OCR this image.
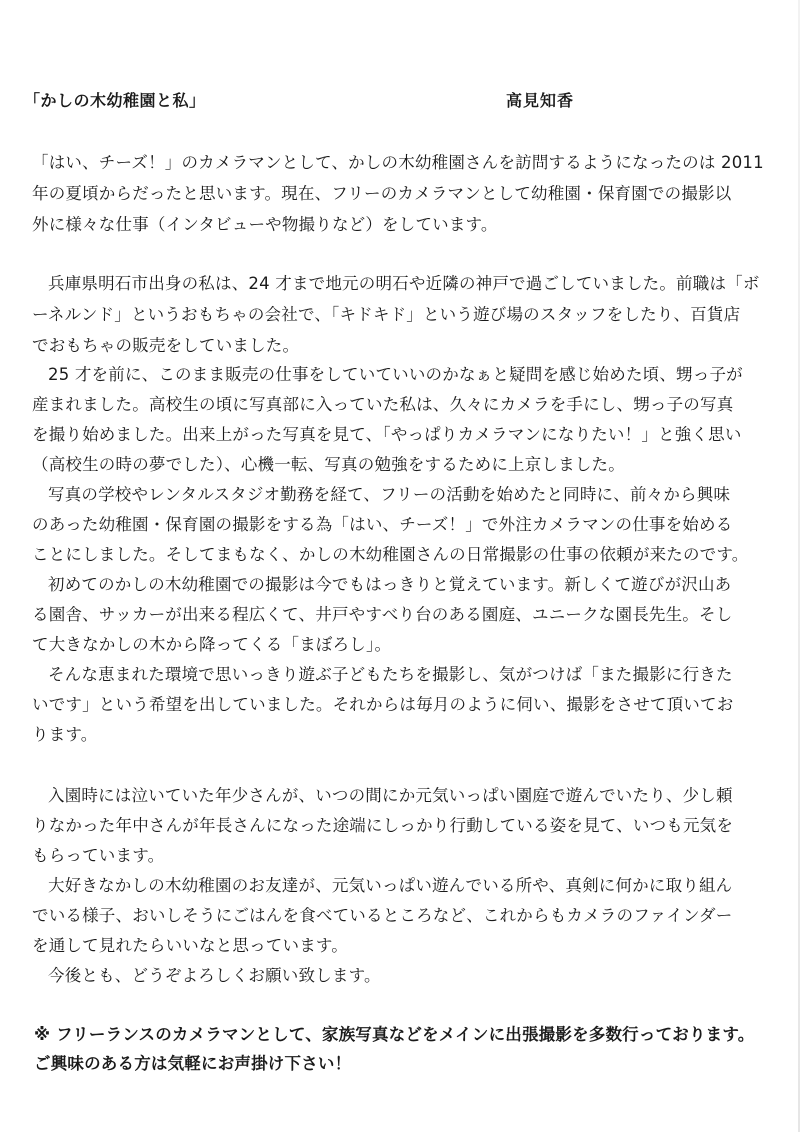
「かしの木幼稚園と私」	高見知香
「はい、チーズ！」のカメラマンとして、かしの木幼稚園さんを訪問するようになったのは 2011
年の夏頃からだったと思います。現在、フリーのカメラマンとして幼稚園・保育園での撮影以
外に様々な仕事（インタビューや物撮りなど）をしています。
兵庫県明石市出身の私は、24 才まで地元の明石や近隣の神戸で過ごしていました。前職は「ボ
ーネルンド」というおもちゃの会社で、「キドキド」という遊び場のスタッフをしたり、百貨店
でおもちゃの販売をしていました。
25 才を前に、このまま販売の仕事をしていていいのかなぁと疑問を感じ始めた頃、甥っ子が
産まれました。高校生の頃に写真部に入っていた私は、久々にカメラを手にし、甥っ子の写真
を撮り始めました。出来上がった写真を見て、「やっぱりカメラマンになりたい！」と強く思い
（高校生の時の夢でした）、心機一転、写真の勉強をするために上京しました。
写真の学校やレンタルスタジオ勤務を経て、フリーの活動を始めたと同時に、前々から興味
のあった幼稚園・保育園の撮影をする為「はい、チーズ！」で外注カメラマンの仕事を始める
ことにしました。そしてまもなく、かしの木幼稚園さんの日常撮影の仕事の依頼が来たのです。
初めてのかしの木幼稚園での撮影は今でもはっきりと覚えています。新しくて遊びが沢山あ
る園舎、サッカーが出来る程広くて、井戸やすべり台のある園庭、ユニークな園長先生。そし
て大きなかしの木から降ってくる「まぼろし」。
そんな恵まれた環境で思いっきり遊ぶ子どもたちを撮影し、気がつけば「また撮影に行きた
いです」という希望を出していました。それからは毎月のように伺い、撮影をさせて頂いてお
ります。
入園時には泣いていた年少さんが、いつの間にか元気いっぱい園庭で遊んでいたり、少し頼
りなかった年中さんが年長さんになった途端にしっかり行動している姿を見て、いつも元気を
もらっています。
大好きなかしの木幼稚園のお友達が、元気いっぱい遊んでいる所や、真剣に何かに取り組ん
でいる様子、おいしそうにごはんを食べているところなど、これからもカメラのファインダー
を通して見れたらいいなと思っています。
今後とも、どうぞよろしくお願い致します。
※ フリーランスのカメラマンとして、家族写真などをメインに出張撮影を多数行っております。
ご興味のある方は気軽にお声掛け下さい！
